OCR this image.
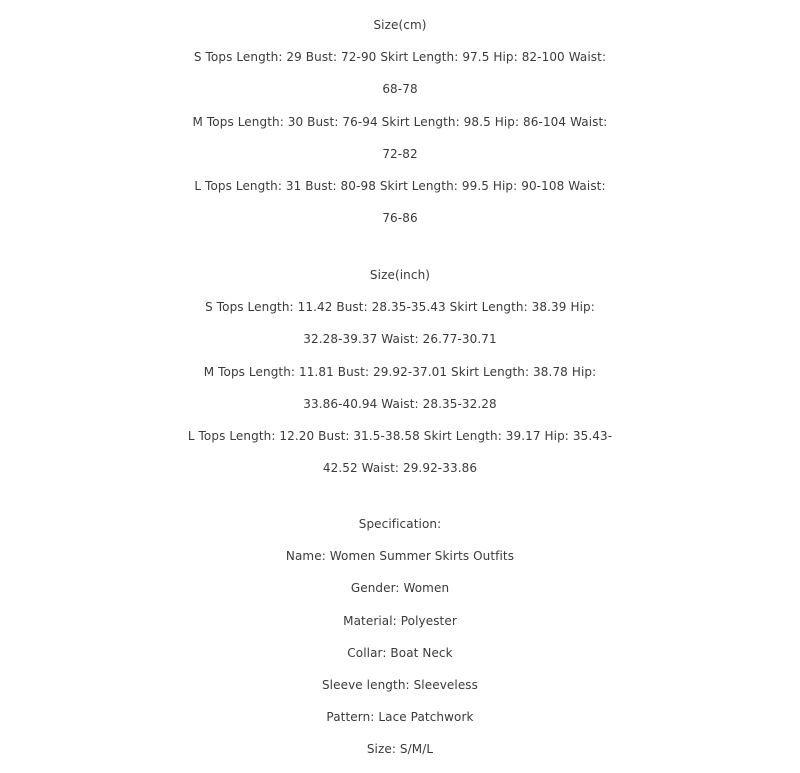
Size(cm)
S Tops Length: 29 Bust: 72-90 Skirt Length: 97.5 Hip: 82-100 Waist:
68-78
M Tops Length: 30 Bust: 76-94 Skirt Length: 98.5 Hip: 86-104 Waist:
72-82
L Tops Length: 31 Bust: 80-98 Skirt Length: 99.5 Hip: 90-108 Waist:
76-86
Size(inch)
S Tops Length: 11.42 Bust: 28.35-35.43 Skirt Length: 38.39 Hip:
32.28-39.37 Waist: 26.77-30.71
M Tops Length: 11.81 Bust: 29.92-37.01 Skirt Length: 38.78 Hip:
33.86-40.94 Waist: 28.35-32.28
L Tops Length: 12.20 Bust: 31.5-38.58 Skirt Length: 39.17 Hip: 35.43-
42.52 Waist: 29.92-33.86
Specification:
Name: Women Summer Skirts Outfits
Gender: Women
Material: Polyester
Collar: Boat Neck
Sleeve length: Sleeveless
Pattern: Lace Patchwork
Size: S/M/L
